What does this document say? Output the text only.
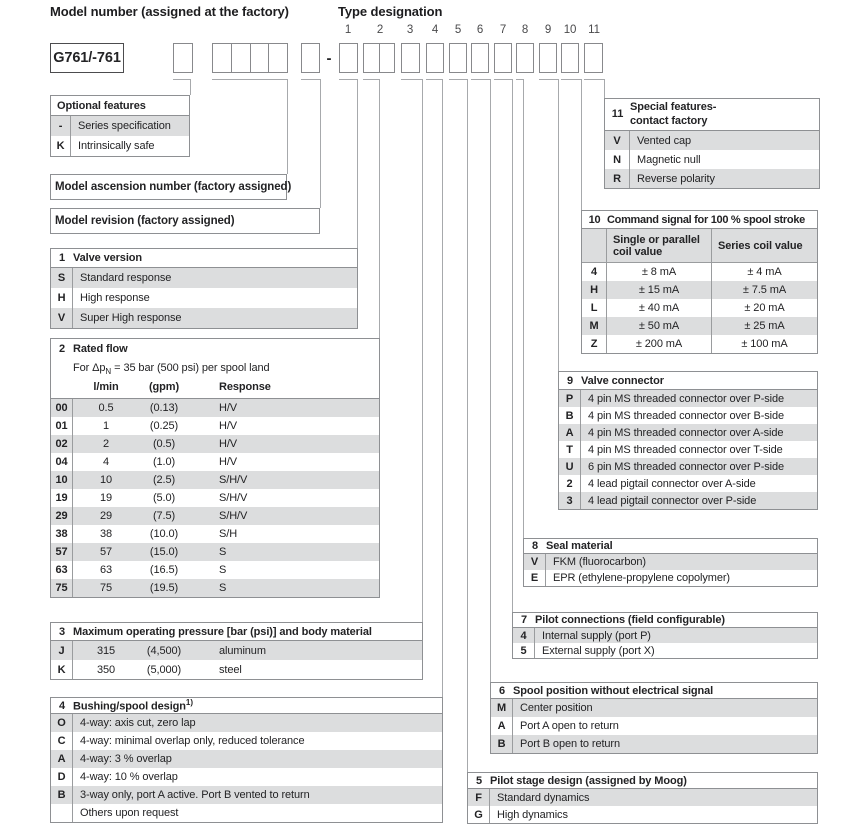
Model number (assigned at the factory)	Type designation
1	2	3	4	5	6	7	8	9	10	11
G761/-761	-
Optional features
-	Series specification
K	Intrinsically safe
Model ascension number (factory assigned)
Model revision (factory assigned)
1 Valve version
S	Standard response
H	High response
V	Super High response
2 Rated flow
For $\Delta p_N = 35$ bar (500 psi) per spool land
l/min	(gpm)	Response
00	0.5	(0.13)	H/V
01	1	(0.25)	H/V
02	2	(0.5)	H/V
04	4	(1.0)	H/V
10	10	(2.5)	S/H/V
19	19	(5.0)	S/H/V
29	29	(7.5)	S/H/V
38	38	(10.0)	S/H
57	57	(15.0)	S
63	63	(16.5)	S
75	75	(19.5)	S
3 Maximum operating pressure [bar (psi)] and body material
J	315	(4,500)	aluminum
K	350	(5,000)	steel
4 Bushing/spool design$^{1)}$
O	4-way: axis cut, zero lap
C	4-way: minimal overlap only, reduced tolerance
A	4-way: 3 % overlap
D	4-way: 10 % overlap
B	3-way only, port A active. Port B vented to return
Others upon request
11
Special features-
contact factory
V	Vented cap
N	Magnetic null
R	Reverse polarity
10 Command signal for 100 % spool stroke
Single or parallel coil value	Series coil value
4	± 8 mA	± 4 mA
H	± 15 mA	± 7.5 mA
L	± 40 mA	± 20 mA
M	± 50 mA	± 25 mA
Z	± 200 mA	± 100 mA
9 Valve connector
P	4 pin MS threaded connector over P-side
B	4 pin MS threaded connector over B-side
A	4 pin MS threaded connector over A-side
T	4 pin MS threaded connector over T-side
U	6 pin MS threaded connector over P-side
2	4 lead pigtail connector over A-side
3	4 lead pigtail connector over P-side
8 Seal material
V	FKM (fluorocarbon)
E	EPR (ethylene-propylene copolymer)
7 Pilot connections (field configurable)
4	Internal supply (port P)
5	External supply (port X)
6 Spool position without electrical signal
M	Center position
A	Port A open to return
B	Port B open to return
5 Pilot stage design (assigned by Moog)
F	Standard dynamics
G	High dynamics
